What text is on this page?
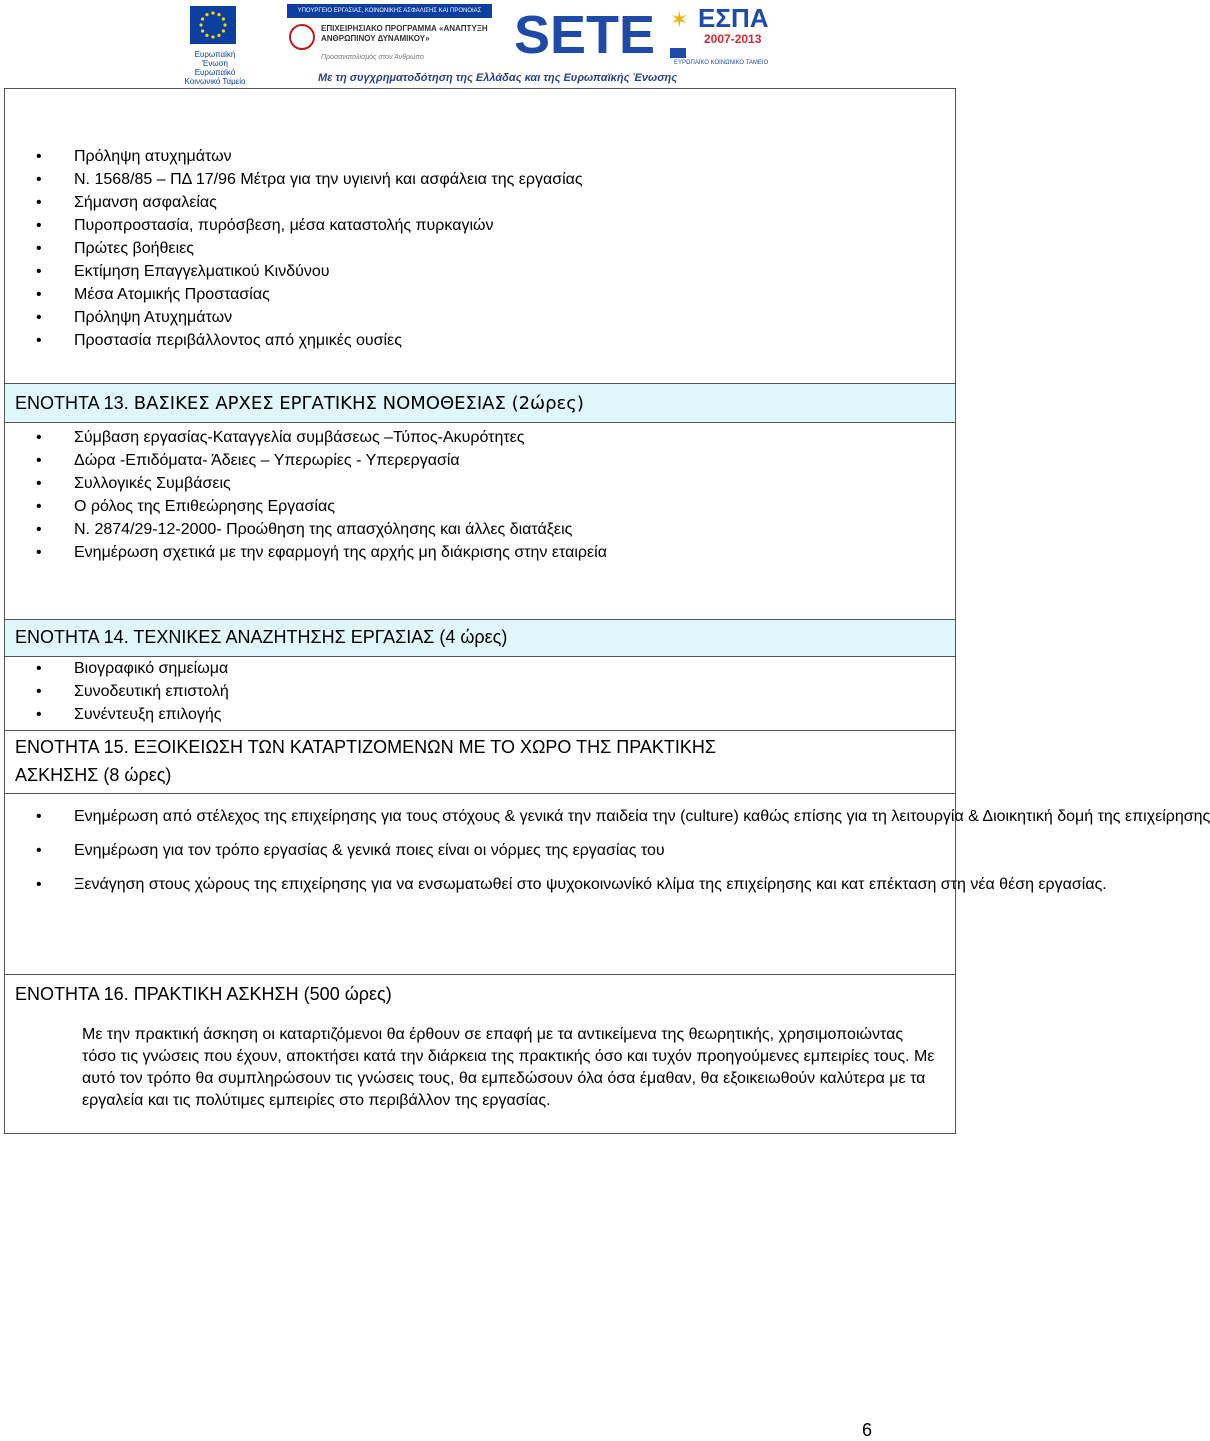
Ευρωπαϊκή Ένωση Ευρωπαϊκό Κοινωνικό Ταμείο
ΥΠΟΥΡΓΕΙΟ ΕΡΓΑΣΙΑΣ, ΚΟΙΝΩΝΙΚΗΣ ΑΣΦΑΛΙΣΗΣ ΚΑΙ ΠΡΟΝΟΙΑΣ
ΕΠΙΧΕΙΡΗΣΙΑΚΟ ΠΡΟΓΡΑΜΜΑ «ΑΝΑΠΤΥΞΗ ΑΝΘΡΩΠΙΝΟΥ ΔΥΝΑΜΙΚΟΥ»
Προσανατολισμός στον Άνθρωπο	SETE ✶ ΕΣΠΑ
2007-2013
ΕΥΡΩΠΑΪΚΟ ΚΟΙΝΩΝΙΚΟ ΤΑΜΕΙΟ
Με τη συγχρηματοδότηση της Ελλάδας και της Ευρωπαϊκής Ένωσης
• Πρόληψη ατυχημάτων
• Ν. 1568/85 – ΠΔ 17/96 Μέτρα για την υγιεινή και ασφάλεια της εργασίας
• Σήμανση ασφαλείας
• Πυροπροστασία, πυρόσβεση, μέσα καταστολής πυρκαγιών
• Πρώτες βοήθειες
• Εκτίμηση Επαγγελματικού Κινδύνου
• Μέσα Ατομικής Προστασίας
• Πρόληψη Ατυχημάτων
• Προστασία περιβάλλοντος από χημικές ουσίες
ΕΝΟΤΗΤΑ 13. ΒΑΣΙΚΕΣ ΑΡΧΕΣ ΕΡΓΑΤΙΚΗΣ ΝΟΜΟΘΕΣΙΑΣ (2ώρες)
• Σύμβαση εργασίας-Καταγγελία συμβάσεως –Τύπος-Ακυρότητες
• Δώρα -Επιδόματα- Άδειες – Υπερωρίες - Υπερεργασία
• Συλλογικές Συμβάσεις
• Ο ρόλος της Επιθεώρησης Εργασίας
• Ν. 2874/29-12-2000- Προώθηση της απασχόλησης και άλλες διατάξεις
• Ενημέρωση σχετικά με την εφαρμογή της αρχής μη διάκρισης στην εταιρεία
ΕΝΟΤΗΤΑ 14. ΤΕΧΝΙΚΕΣ ΑΝΑΖΗΤΗΣΗΣ ΕΡΓΑΣΙΑΣ (4 ώρες)
• Βιογραφικό σημείωμα
• Συνοδευτική επιστολή
• Συνέντευξη επιλογής
ΕΝΟΤΗΤΑ 15. ΕΞΟΙΚΕΙΩΣΗ ΤΩΝ ΚΑΤΑΡΤΙΖΟΜΕΝΩΝ ΜΕ ΤΟ ΧΩΡΟ ΤΗΣ ΠΡΑΚΤΙΚΗΣ
ΑΣΚΗΣΗΣ (8 ώρες)
• Ενημέρωση από στέλεχος της επιχείρησης για τους στόχους & γενικά την παιδεία την (culture) καθώς επίσης για τη λειτουργία & Διοικητική δομή της επιχείρησης
• Ενημέρωση για τον τρόπο εργασίας & γενικά ποιες είναι οι νόρμες της εργασίας του
• Ξενάγηση στους χώρους της επιχείρησης για να ενσωματωθεί στο ψυχοκοινωνίκό κλίμα της επιχείρησης και κατ επέκταση στη νέα θέση εργασίας.
ΕΝΟΤΗΤΑ 16. ΠΡΑΚΤΙΚΗ ΑΣΚΗΣΗ (500 ώρες)
Με την πρακτική άσκηση οι καταρτιζόμενοι θα έρθουν σε επαφή με τα αντικείμενα της θεωρητικής, χρησιμοποιώντας τόσο τις γνώσεις που έχουν, αποκτήσει κατά την διάρκεια της πρακτικής όσο και τυχόν προηγούμενες εμπειρίες τους. Με αυτό τον τρόπο θα συμπληρώσουν τις γνώσεις τους, θα εμπεδώσουν όλα όσα έμαθαν, θα εξοικειωθούν καλύτερα με τα εργαλεία και τις πολύτιμες εμπειρίες στο περιβάλλον της εργασίας.
6
